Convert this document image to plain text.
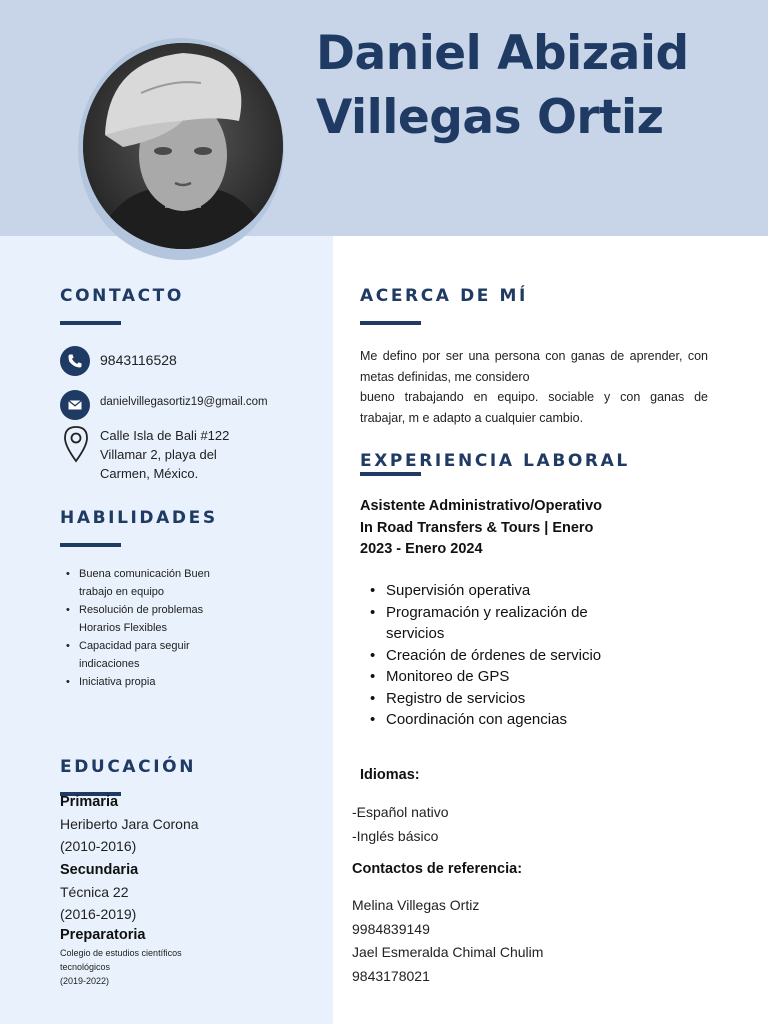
Daniel Abizaid
Villegas Ortiz
CONTACTO
9843116528
danielvillegasortiz19@gmail.com
Calle Isla de Bali #122
Villamar 2, playa del
Carmen, México.
HABILIDADES
• Buena comunicación Buen
trabajo en equipo
• Resolución de problemas
Horarios Flexibles
• Capacidad para seguir
indicaciones
• Iniciativa propia
EDUCACIÓN
Primaria
Heriberto Jara Corona
(2010-2016)
Secundaria
Técnica 22
(2016-2019)
Preparatoria
Colegio de estudios científicos
tecnológicos
(2019-2022)
ACERCA DE MÍ
Me defino por ser una persona con ganas de aprender, con
metas definidas, me considero
bueno trabajando en equipo. sociable y con ganas de
trabajar, m e adapto a cualquier cambio.
EXPERIENCIA LABORAL
Asistente Administrativo/Operativo
In Road Transfers & Tours | Enero
2023 - Enero 2024
• Supervisión operativa
• Programación y realización de
servicios
• Creación de órdenes de servicio
• Monitoreo de GPS
• Registro de servicios
• Coordinación con agencias
Idiomas:
-Español nativo
-Inglés básico
Contactos de referencia:
Melina Villegas Ortiz
9984839149
Jael Esmeralda Chimal Chulim
9843178021
